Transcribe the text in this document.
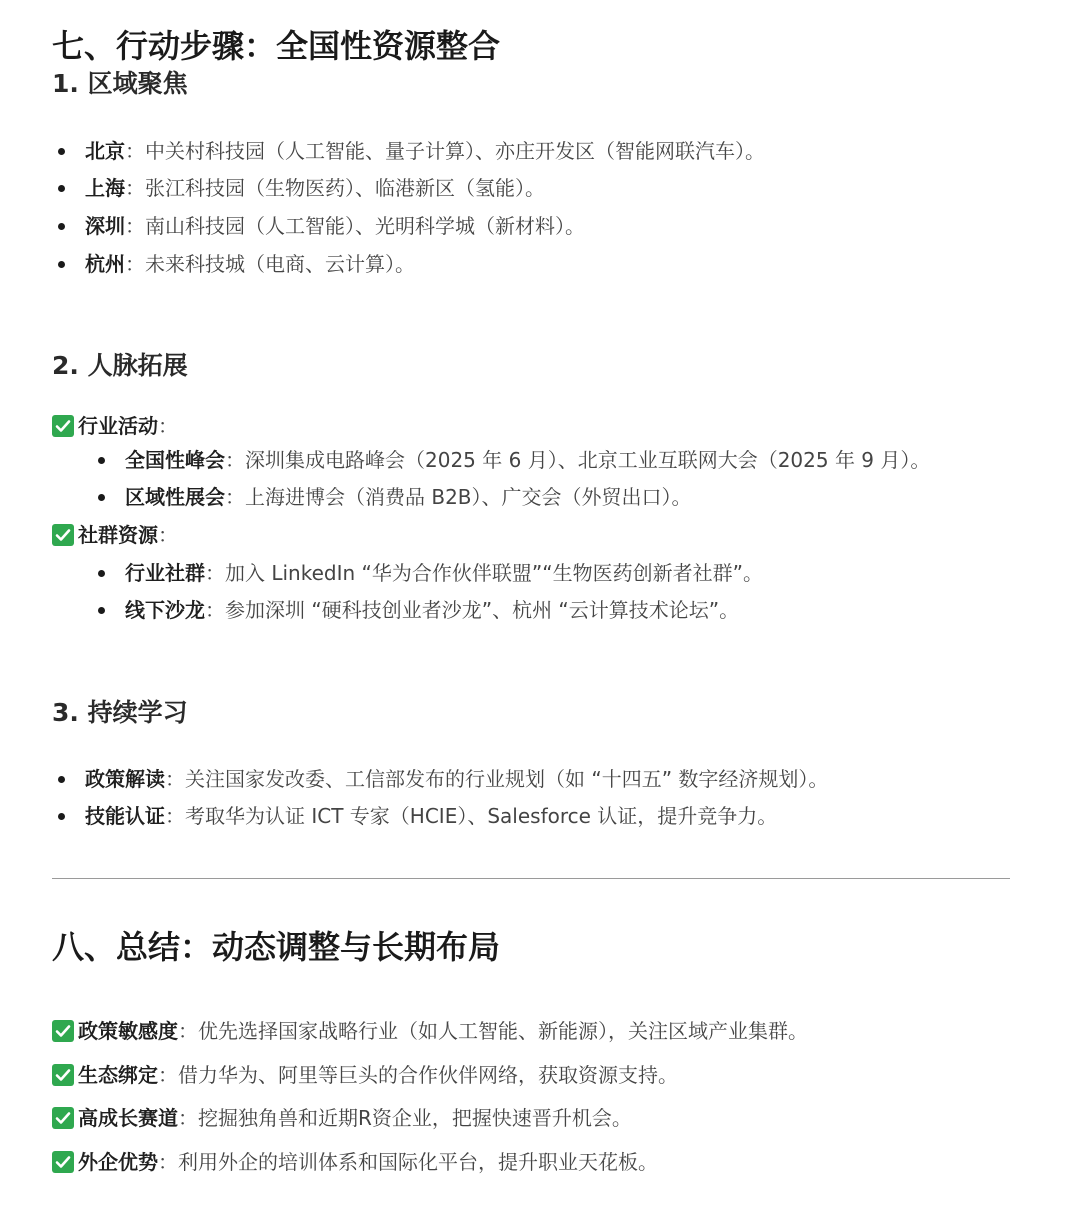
七、行动步骤：全国性资源整合
1. 区域聚焦
北京 ：中关村科技园（人工智能、量子计算）、亦庄开发区（智能网联汽车）。
上海 ：张江科技园（生物医药）、临港新区（氢能）。
深圳 ：南山科技园（人工智能）、光明科学城（新材料）。
杭州 ：未来科技城（电商、云计算）。
2. 人脉拓展
行业活动 ：
全国性峰会 ：深圳集成电路峰会（2025 年 6 月）、北京工业互联网大会（2025 年 9 月）。
区域性展会 ：上海进博会（消费品 B2B）、广交会（外贸出口）。
社群资源 ：
行业社群 ：加入 LinkedIn “华为合作伙伴联盟”“生物医药创新者社群”。
线下沙龙 ：参加深圳 “硬科技创业者沙龙”、杭州 “云计算技术论坛”。
3. 持续学习
政策解读 ：关注国家发改委、工信部发布的行业规划（如 “十四五” 数字经济规划）。
技能认证 ：考取华为认证 ICT 专家（HCIE）、Salesforce 认证，提升竞争力。
八、总结：动态调整与长期布局
政策敏感度 ：优先选择国家战略行业（如人工智能、新能源），关注区域产业集群。
生态绑定 ：借力华为、阿里等巨头的合作伙伴网络，获取资源支持。
高成长赛道 ：挖掘独角兽和近期R资企业，把握快速晋升机会。
外企优势 ：利用外企的培训体系和国际化平台，提升职业天花板。
